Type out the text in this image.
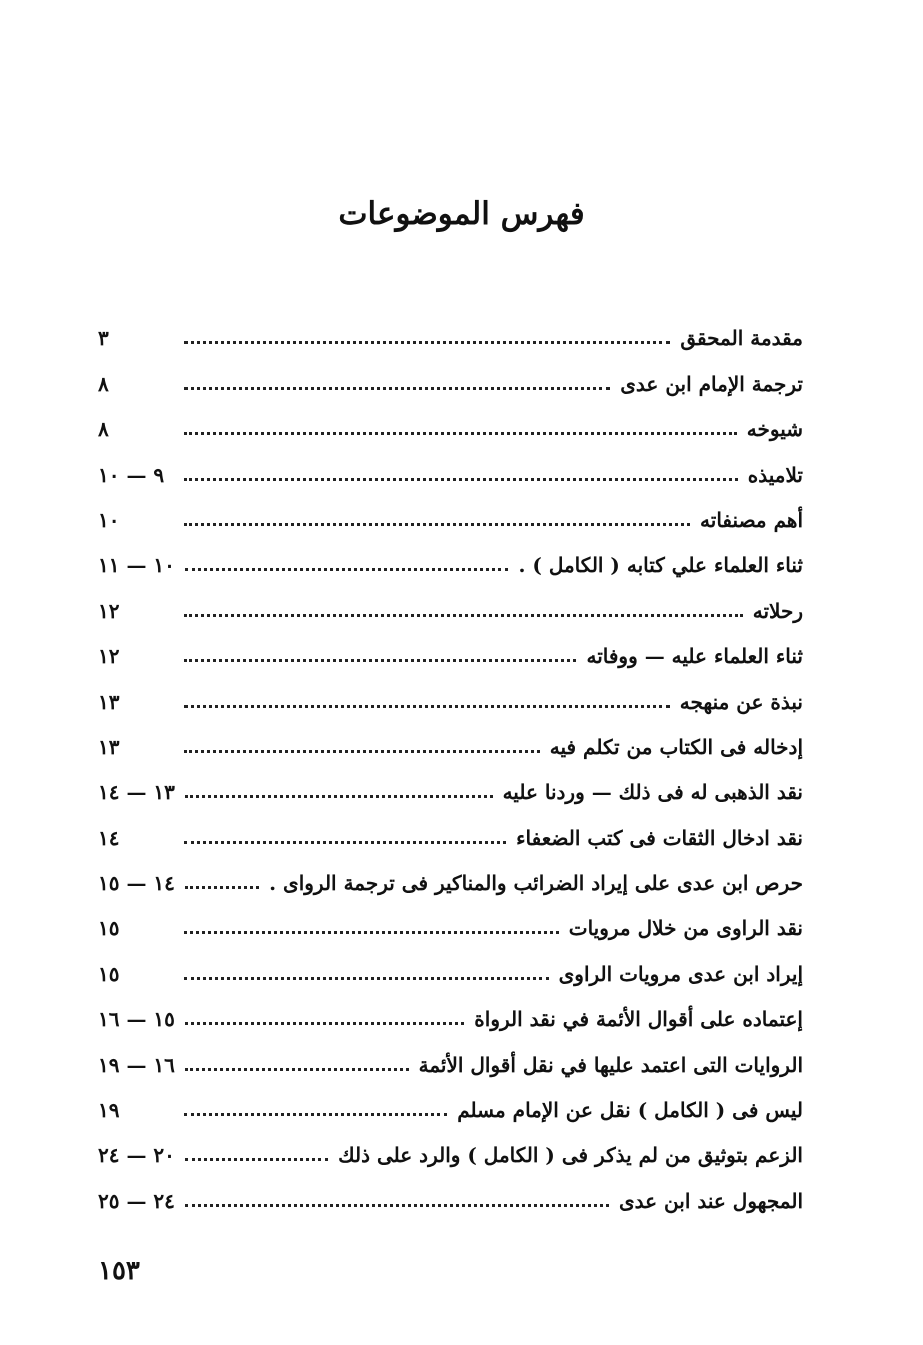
فهرس الموضوعات
مقدمة المحقق
٣
ترجمة الإمام ابن عدى
٨
شيوخه
٨
تلاميذه
٩ — ١٠
أهم مصنفاته
١٠
ثناء العلماء علي كتابه ( الكامل ) .
١٠ — ١١
رحلاته
١٢
ثناء العلماء عليه — ووفاته
١٢
نبذة عن منهجه
١٣
إدخاله فى الكتاب من تكلم فيه
١٣
نقد الذهبى له فى ذلك — وردنا عليه
١٣ — ١٤
نقد ادخال الثقات فى كتب الضعفاء
١٤
حرص ابن عدى على إيراد الضرائب والمناكير فى ترجمة الرواى .
١٤ — ١٥
نقد الراوى من خلال مرويات
١٥
إيراد ابن عدى مرويات الراوى
١٥
إعتماده على أقوال الأئمة في نقد الرواة
١٥ — ١٦
الروايات التى اعتمد عليها في نقل أقوال الأئمة
١٦ — ١٩
ليس فى ( الكامل ) نقل عن الإمام مسلم
١٩
الزعم بتوثيق من لم يذكر فى ( الكامل ) والرد على ذلك
٢٠ — ٢٤
المجهول عند ابن عدى
٢٤ — ٢٥
١٥٣
